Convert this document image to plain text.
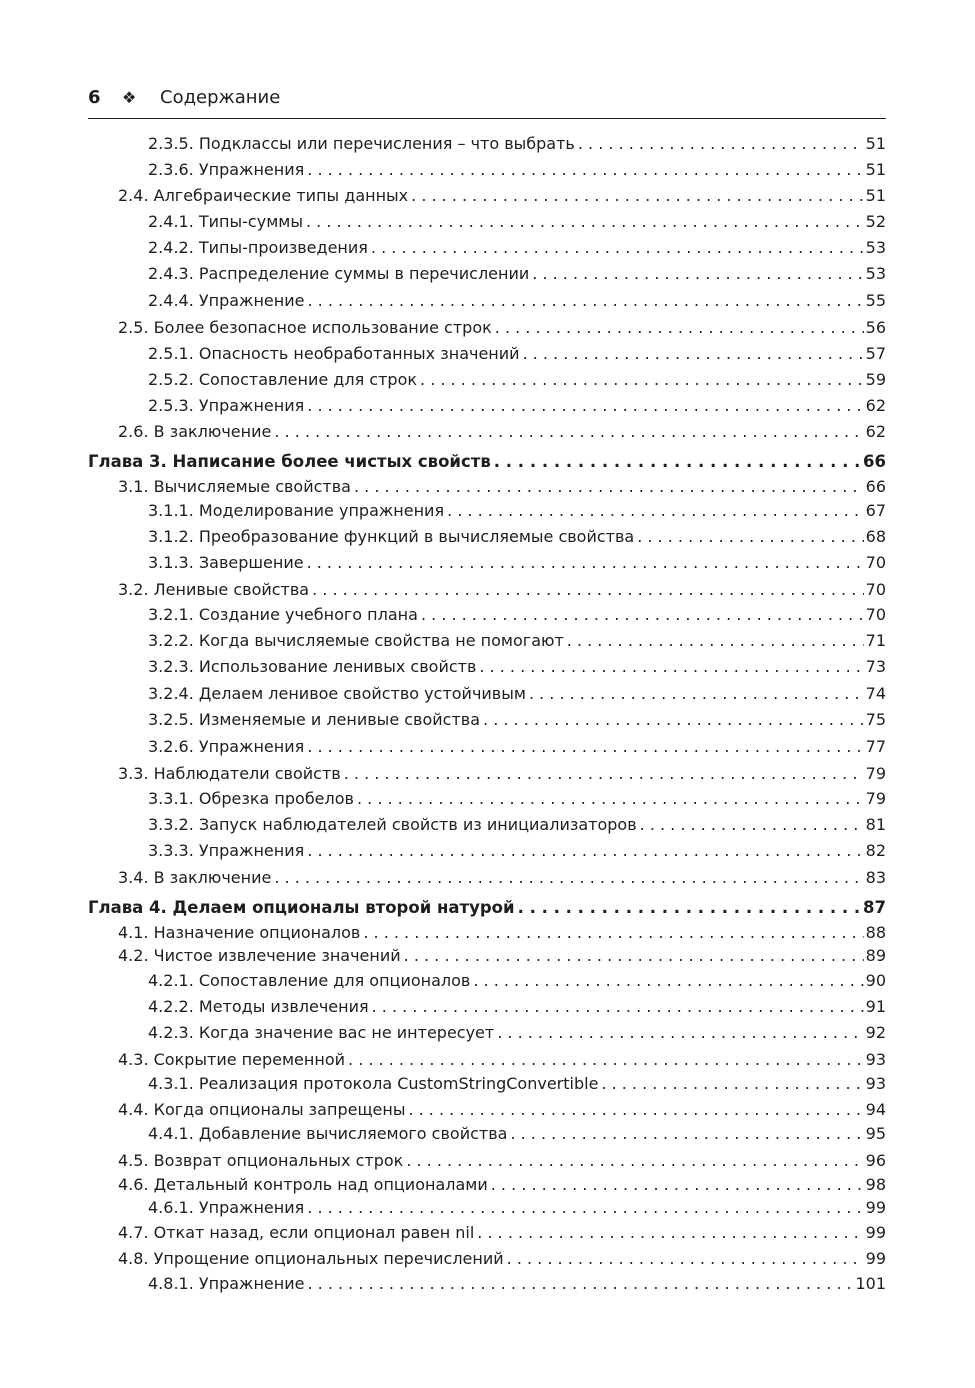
6	❖	Содержание
2.3.5. Подклассы или перечисления – что выбрать . . .	51
2.3.6. Упражнения . . .	51
2.4. Алгебраические типы данных . . .	51
2.4.1. Типы-суммы . . .	52
2.4.2. Типы-произведения . . .	53
2.4.3. Распределение суммы в перечислении . . .	53
2.4.4. Упражнение . . .	55
2.5. Более безопасное использование строк . . .	56
2.5.1. Опасность необработанных значений . . .	57
2.5.2. Сопоставление для строк . . .	59
2.5.3. Упражнения . . .	62
2.6. В заключение . . .	62
Глава 3. Написание более чистых свойств . . .	66
3.1. Вычисляемые свойства . . .	66
3.1.1. Моделирование упражнения . . .	67
3.1.2. Преобразование функций в вычисляемые свойства . . .	68
3.1.3. Завершение . . .	70
3.2. Ленивые свойства . . .	70
3.2.1. Создание учебного плана . . .	70
3.2.2. Когда вычисляемые свойства не помогают . . .	71
3.2.3. Использование ленивых свойств . . .	73
3.2.4. Делаем ленивое свойство устойчивым . . .	74
3.2.5. Изменяемые и ленивые свойства . . .	75
3.2.6. Упражнения . . .	77
3.3. Наблюдатели свойств . . .	79
3.3.1. Обрезка пробелов . . .	79
3.3.2. Запуск наблюдателей свойств из инициализаторов . . .	81
3.3.3. Упражнения . . .	82
3.4. В заключение . . .	83
Глава 4. Делаем опционалы второй натурой . . .	87
4.1. Назначение опционалов . . .	88
4.2. Чистое извлечение значений . . .	89
4.2.1. Сопоставление для опционалов . . .	90
4.2.2. Методы извлечения . . .	91
4.2.3. Когда значение вас не интересует . . .	92
4.3. Сокрытие переменной . . .	93
4.3.1. Реализация протокола CustomStringConvertible . . .	93
4.4. Когда опционалы запрещены . . .	94
4.4.1. Добавление вычисляемого свойства . . .	95
4.5. Возврат опциональных строк . . .	96
4.6. Детальный контроль над опционалами . . .	98
4.6.1. Упражнения . . .	99
4.7. Откат назад, если опционал равен nil . . .	99
4.8. Упрощение опциональных перечислений . . .	99
4.8.1. Упражнение . . .	101
